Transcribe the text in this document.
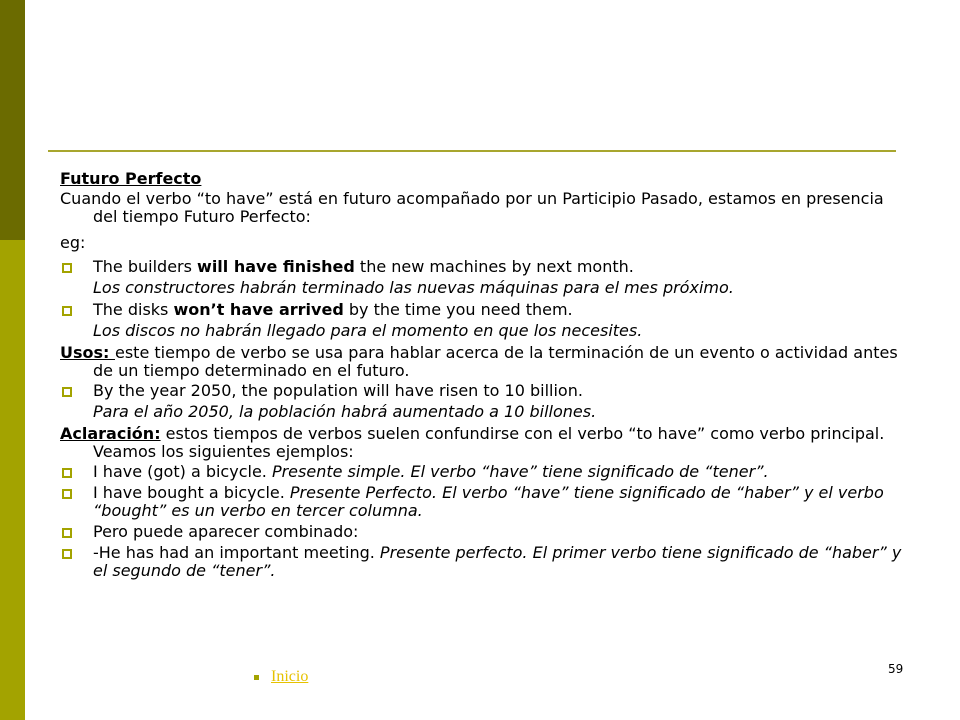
Futuro Perfecto
Cuando el verbo “to have” está en futuro acompañado por un Participio Pasado, estamos en presencia del tiempo Futuro Perfecto:
eg:
The builders will have finished the new machines by next month.
Los constructores habrán terminado las nuevas máquinas para el mes próximo.
The disks won’t have arrived by the time you need them.
Los discos no habrán llegado para el momento en que los necesites.
Usos: este tiempo de verbo se usa para hablar acerca de la terminación de un evento o actividad antes de un tiempo determinado en el futuro.
By the year 2050, the population will have risen to 10 billion.
Para el año 2050, la población habrá aumentado a 10 billones.
Aclaración: estos tiempos de verbos suelen confundirse con el verbo “to have” como verbo principal. Veamos los siguientes ejemplos:
I have (got) a bicycle. Presente simple. El verbo “have” tiene significado de “tener”.
I have bought a bicycle. Presente Perfecto. El verbo “have” tiene significado de “haber” y el verbo “bought” es un verbo en tercer columna.
Pero puede aparecer combinado:
-He has had an important meeting. Presente perfecto. El primer verbo tiene significado de “haber” y el segundo de “tener”.
Inicio	59
